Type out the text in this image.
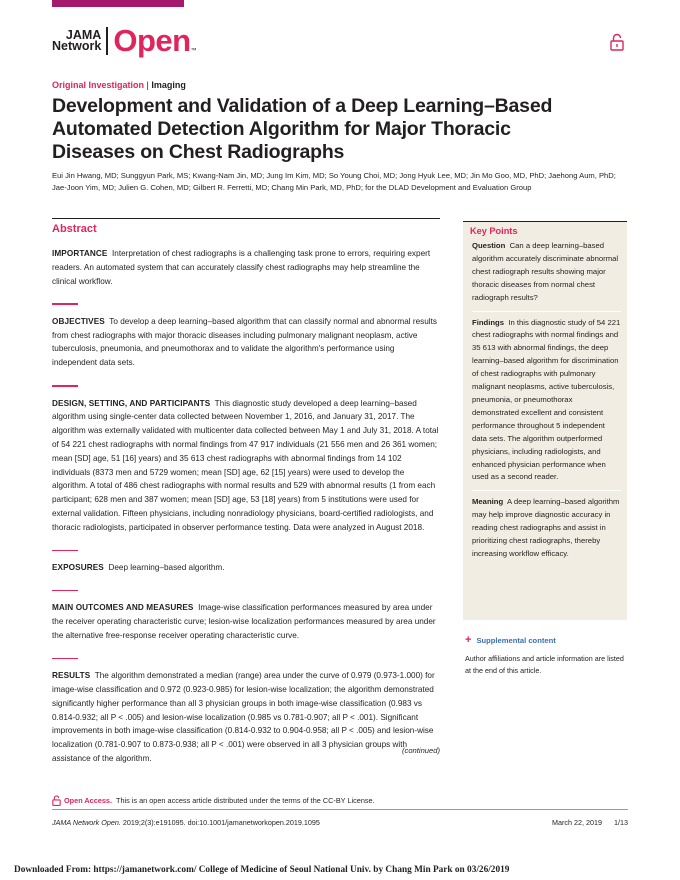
JAMA
Network Open ™
Original Investigation | Imaging
Development and Validation of a Deep Learning–Based Automated Detection Algorithm for Major Thoracic Diseases on Chest Radiographs
Eui Jin Hwang, MD; Sunggyun Park, MS; Kwang-Nam Jin, MD; Jung Im Kim, MD; So Young Choi, MD; Jong Hyuk Lee, MD; Jin Mo Goo, MD, PhD; Jaehong Aum, PhD; Jae-Joon Yim, MD; Julien G. Cohen, MD; Gilbert R. Ferretti, MD; Chang Min Park, MD, PhD; for the DLAD Development and Evaluation Group
Abstract

IMPORTANCE Interpretation of chest radiographs is a challenging task prone to errors, requiring expert readers. An automated system that can accurately classify chest radiographs may help streamline the clinical workflow.

OBJECTIVES To develop a deep learning–based algorithm that can classify normal and abnormal results from chest radiographs with major thoracic diseases including pulmonary malignant neoplasm, active tuberculosis, pneumonia, and pneumothorax and to validate the algorithm's performance using independent data sets.

DESIGN, SETTING, AND PARTICIPANTS This diagnostic study developed a deep learning–based algorithm using single-center data collected between November 1, 2016, and January 31, 2017. The algorithm was externally validated with multicenter data collected between May 1 and July 31, 2018. A total of 54 221 chest radiographs with normal findings from 47 917 individuals (21 556 men and 26 361 women; mean [SD] age, 51 [16] years) and 35 613 chest radiographs with abnormal findings from 14 102 individuals (8373 men and 5729 women; mean [SD] age, 62 [15] years) were used to develop the algorithm. A total of 486 chest radiographs with normal results and 529 with abnormal results (1 from each participant; 628 men and 387 women; mean [SD] age, 53 [18] years) from 5 institutions were used for external validation. Fifteen physicians, including nonradiology physicians, board-certified radiologists, and thoracic radiologists, participated in observer performance testing. Data were analyzed in August 2018.

EXPOSURES Deep learning–based algorithm.

MAIN OUTCOMES AND MEASURES Image-wise classification performances measured by area under the receiver operating characteristic curve; lesion-wise localization performances measured by area under the alternative free-response receiver operating characteristic curve.

RESULTS The algorithm demonstrated a median (range) area under the curve of 0.979 (0.973-1.000) for image-wise classification and 0.972 (0.923-0.985) for lesion-wise localization; the algorithm demonstrated significantly higher performance than all 3 physician groups in both image-wise classification (0.983 vs 0.814-0.932; all P < .005) and lesion-wise localization (0.985 vs 0.781-0.907; all P < .001). Significant improvements in both image-wise classification (0.814-0.932 to 0.904-0.958; all P < .005) and lesion-wise localization (0.781-0.907 to 0.873-0.938; all P < .001) were observed in all 3 physician groups with assistance of the algorithm.

(continued)
Key Points

Question Can a deep learning–based algorithm accurately discriminate abnormal chest radiograph results showing major thoracic diseases from normal chest radiograph results?

Findings In this diagnostic study of 54 221 chest radiographs with normal findings and 35 613 with abnormal findings, the deep learning–based algorithm for discrimination of chest radiographs with pulmonary malignant neoplasms, active tuberculosis, pneumonia, or pneumothorax demonstrated excellent and consistent performance throughout 5 independent data sets. The algorithm outperformed physicians, including radiologists, and enhanced physician performance when used as a second reader.

Meaning A deep learning–based algorithm may help improve diagnostic accuracy in reading chest radiographs and assist in prioritizing chest radiographs, thereby increasing workflow efficacy.

+ Supplemental content
Author affiliations and article information are listed at the end of this article.
Open Access. This is an open access article distributed under the terms of the CC-BY License.
JAMA Network Open. 2019;2(3):e191095. doi:10.1001/jamanetworkopen.2019.1095	March 22, 2019 1/13
Downloaded From: https://jamanetwork.com/ College of Medicine of Seoul National Univ. by Chang Min Park on 03/26/2019
